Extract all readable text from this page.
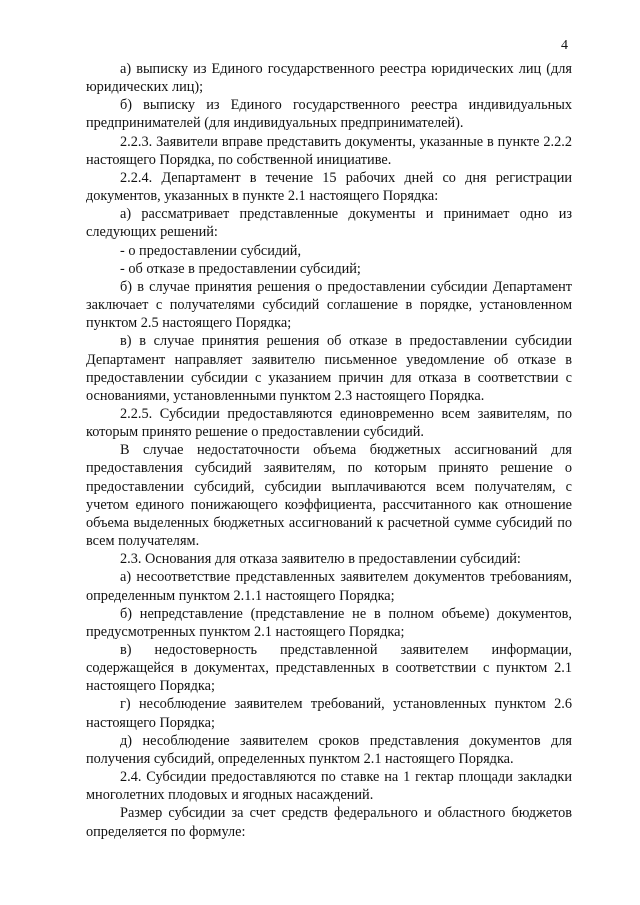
4

а) выписку из Единого государственного реестра юридических лиц (для юридических лиц);

б) выписку из Единого государственного реестра индивидуальных предпринимателей (для индивидуальных предпринимателей).

2.2.3. Заявители вправе представить документы, указанные в пункте 2.2.2 настоящего Порядка, по собственной инициативе.

2.2.4. Департамент в течение 15 рабочих дней со дня регистрации документов, указанных в пункте 2.1 настоящего Порядка:

а) рассматривает представленные документы и принимает одно из следующих решений:

- о предоставлении субсидий,

- об отказе в предоставлении субсидий;

б) в случае принятия решения о предоставлении субсидии Департамент заключает с получателями субсидий соглашение в порядке, установленном пунктом 2.5 настоящего Порядка;

в) в случае принятия решения об отказе в предоставлении субсидии Департамент направляет заявителю письменное уведомление об отказе в предоставлении субсидии с указанием причин для отказа в соответствии с основаниями, установленными пунктом 2.3 настоящего Порядка.

2.2.5. Субсидии предоставляются единовременно всем заявителям, по которым принято решение о предоставлении субсидий.

В случае недостаточности объема бюджетных ассигнований для предоставления субсидий заявителям, по которым принято решение о предоставлении субсидий, субсидии выплачиваются всем получателям, с учетом единого понижающего коэффициента, рассчитанного как отношение объема выделенных бюджетных ассигнований к расчетной сумме субсидий по всем получателям.

2.3. Основания для отказа заявителю в предоставлении субсидий:

а) несоответствие представленных заявителем документов требованиям, определенным пунктом 2.1.1 настоящего Порядка;

б) непредставление (представление не в полном объеме) документов, предусмотренных пунктом 2.1 настоящего Порядка;

в) недостоверность представленной заявителем информации, содержащейся в документах, представленных в соответствии с пунктом 2.1 настоящего Порядка;

г) несоблюдение заявителем требований, установленных пунктом 2.6 настоящего Порядка;

д) несоблюдение заявителем сроков представления документов для получения субсидий, определенных пунктом 2.1 настоящего Порядка.

2.4. Субсидии предоставляются по ставке на 1 гектар площади закладки многолетних плодовых и ягодных насаждений.

Размер субсидии за счет средств федерального и областного бюджетов определяется по формуле:
